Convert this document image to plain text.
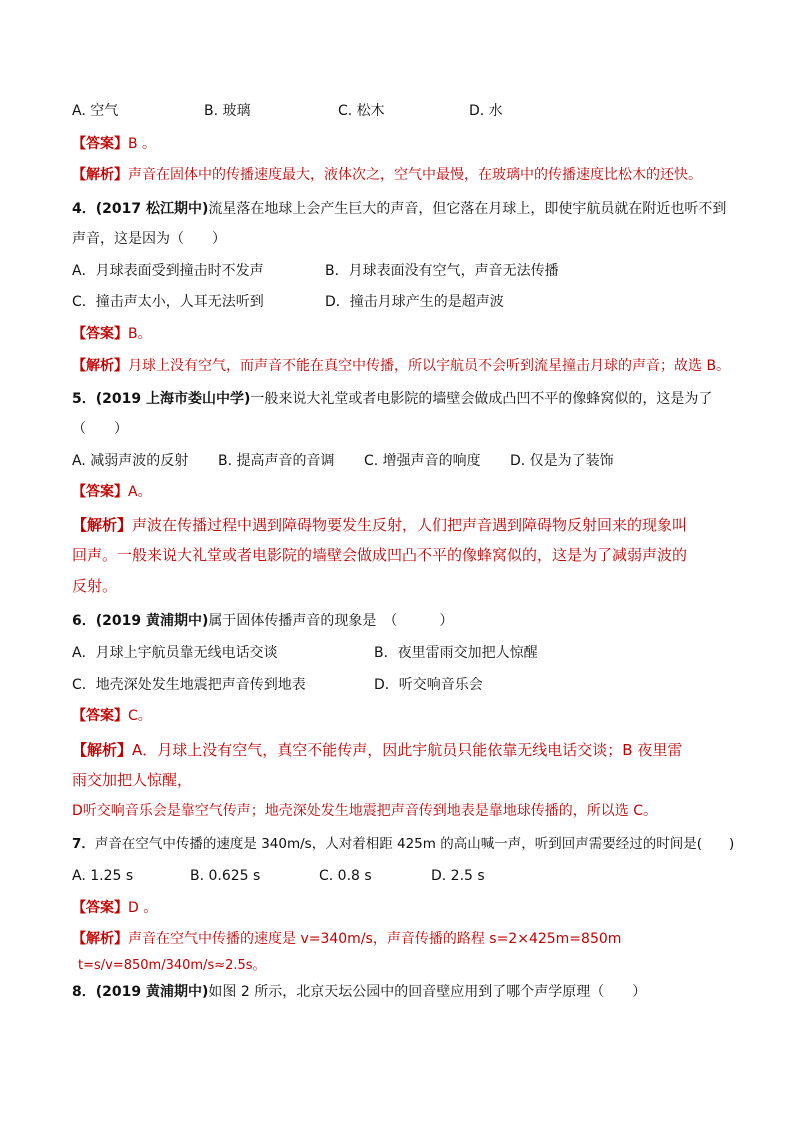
A. 空气	B. 玻璃	C. 松木	D. 水
【答案】B 。
【解析】声音在固体中的传播速度最大，液体次之，空气中最慢，在玻璃中的传播速度比松木的还快。
4．(2017 松江期中)流星落在地球上会产生巨大的声音，但它落在月球上，即使宇航员就在附近也听不到
声音，这是因为（　　）
A．月球表面受到撞击时不发声	B．月球表面没有空气，声音无法传播
C．撞击声太小，人耳无法听到	D．撞击月球产生的是超声波
【答案】B。
【解析】月球上没有空气，而声音不能在真空中传播，所以宇航员不会听到流星撞击月球的声音；故选 B。
5．(2019 上海市娄山中学)一般来说大礼堂或者电影院的墙壁会做成凸凹不平的像蜂窝似的，这是为了
（　　）
A. 减弱声波的反射 B. 提高声音的音调 C. 增强声音的响度 D. 仅是为了装饰
【答案】A。
【解析】声波在传播过程中遇到障碍物要发生反射，人们把声音遇到障碍物反射回来的现象叫
回声。一般来说大礼堂或者电影院的墙壁会做成凹凸不平的像蜂窝似的，这是为了减弱声波的
反射。
6．(2019 黄浦期中)属于固体传播声音的现象是　（　　　）
A．月球上宇航员靠无线电话交谈	B．夜里雷雨交加把人惊醒
C．地壳深处发生地震把声音传到地表	D．听交响音乐会
【答案】C。
【解析】A．月球上没有空气，真空不能传声，因此宇航员只能依靠无线电话交谈；B 夜里雷
雨交加把人惊醒，
D听交响音乐会是靠空气传声；地壳深处发生地震把声音传到地表是靠地球传播的，所以选 C。
7．声音在空气中传播的速度是 340m/s，人对着相距 425m 的高山喊一声，听到回声需要经过的时间是(　　)
A. 1.25 s	B. 0.625 s	C. 0.8 s	D. 2.5 s
【答案】D 。
【解析】声音在空气中传播的速度是 v=340m/s，声音传播的路程 s=2×425m=850m
t=s/v=850m/340m/s≈2.5s。
8．(2019 黄浦期中)如图 2 所示，北京天坛公园中的回音壁应用到了哪个声学原理（　　）
